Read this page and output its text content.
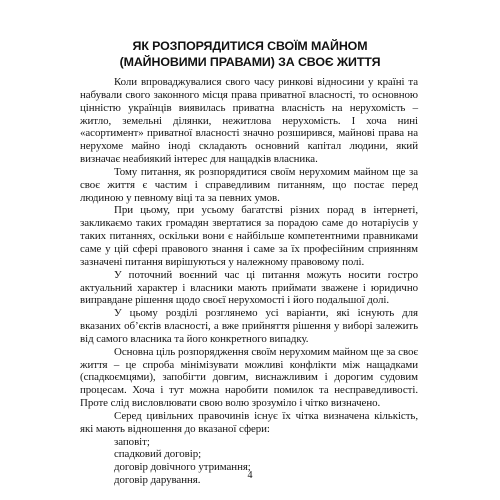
ЯК РОЗПОРЯДИТИСЯ СВОЇМ МАЙНОМ
(МАЙНОВИМИ ПРАВАМИ) ЗА СВОЄ ЖИТТЯ

Коли впроваджувалися свого часу ринкові відносини у країні та набували свого законного місця права приватної власності, то основною цінністю українців виявилась приватна власність на нерухомість – житло, земельні ділянки, нежитлова нерухомість. І хоча нині «асортимент» приватної власності значно розширився, майнові права на нерухоме майно іноді складають основний капітал людини, який визначає неабиякий інтерес для нащадків власника.

Тому питання, як розпорядитися своїм нерухомим майном ще за своє життя є частим і справедливим питанням, що постає перед людиною у певному віці та за певних умов.

При цьому, при усьому багатстві різних порад в інтернеті, закликаємо таких громадян звертатися за порадою саме до нотаріусів у таких питаннях, оскільки вони є найбільше компетентними правниками саме у цій сфері правового знання і саме за їх професійним сприянням зазначені питання вирішуються у належному правовому полі.

У поточний воєнний час ці питання можуть носити гостро актуальний характер і власники мають приймати зважене і юридично виправдане рішення щодо своєї нерухомості і його подальшої долі.

У цьому розділі розглянемо усі варіанти, які існують для вказаних об’єктів власності, а вже прийняття рішення у виборі залежить від самого власника та його конкретного випадку.

Основна ціль розпорядження своїм нерухомим майном ще за своє життя – це спроба мінімізувати можливі конфлікти між нащадками (спадкоємцями), запобігти довгим, виснажливим і дорогим судовим процесам. Хоча і тут можна наробити помилок та несправедливості. Проте слід висловлювати свою волю зрозуміло і чітко визначено.

Серед цивільних правочинів існує їх чітка визначена кількість, які мають відношення до вказаної сфери:

заповіт;
спадковий договір;
договір довічного утримання;
договір дарування.	4
